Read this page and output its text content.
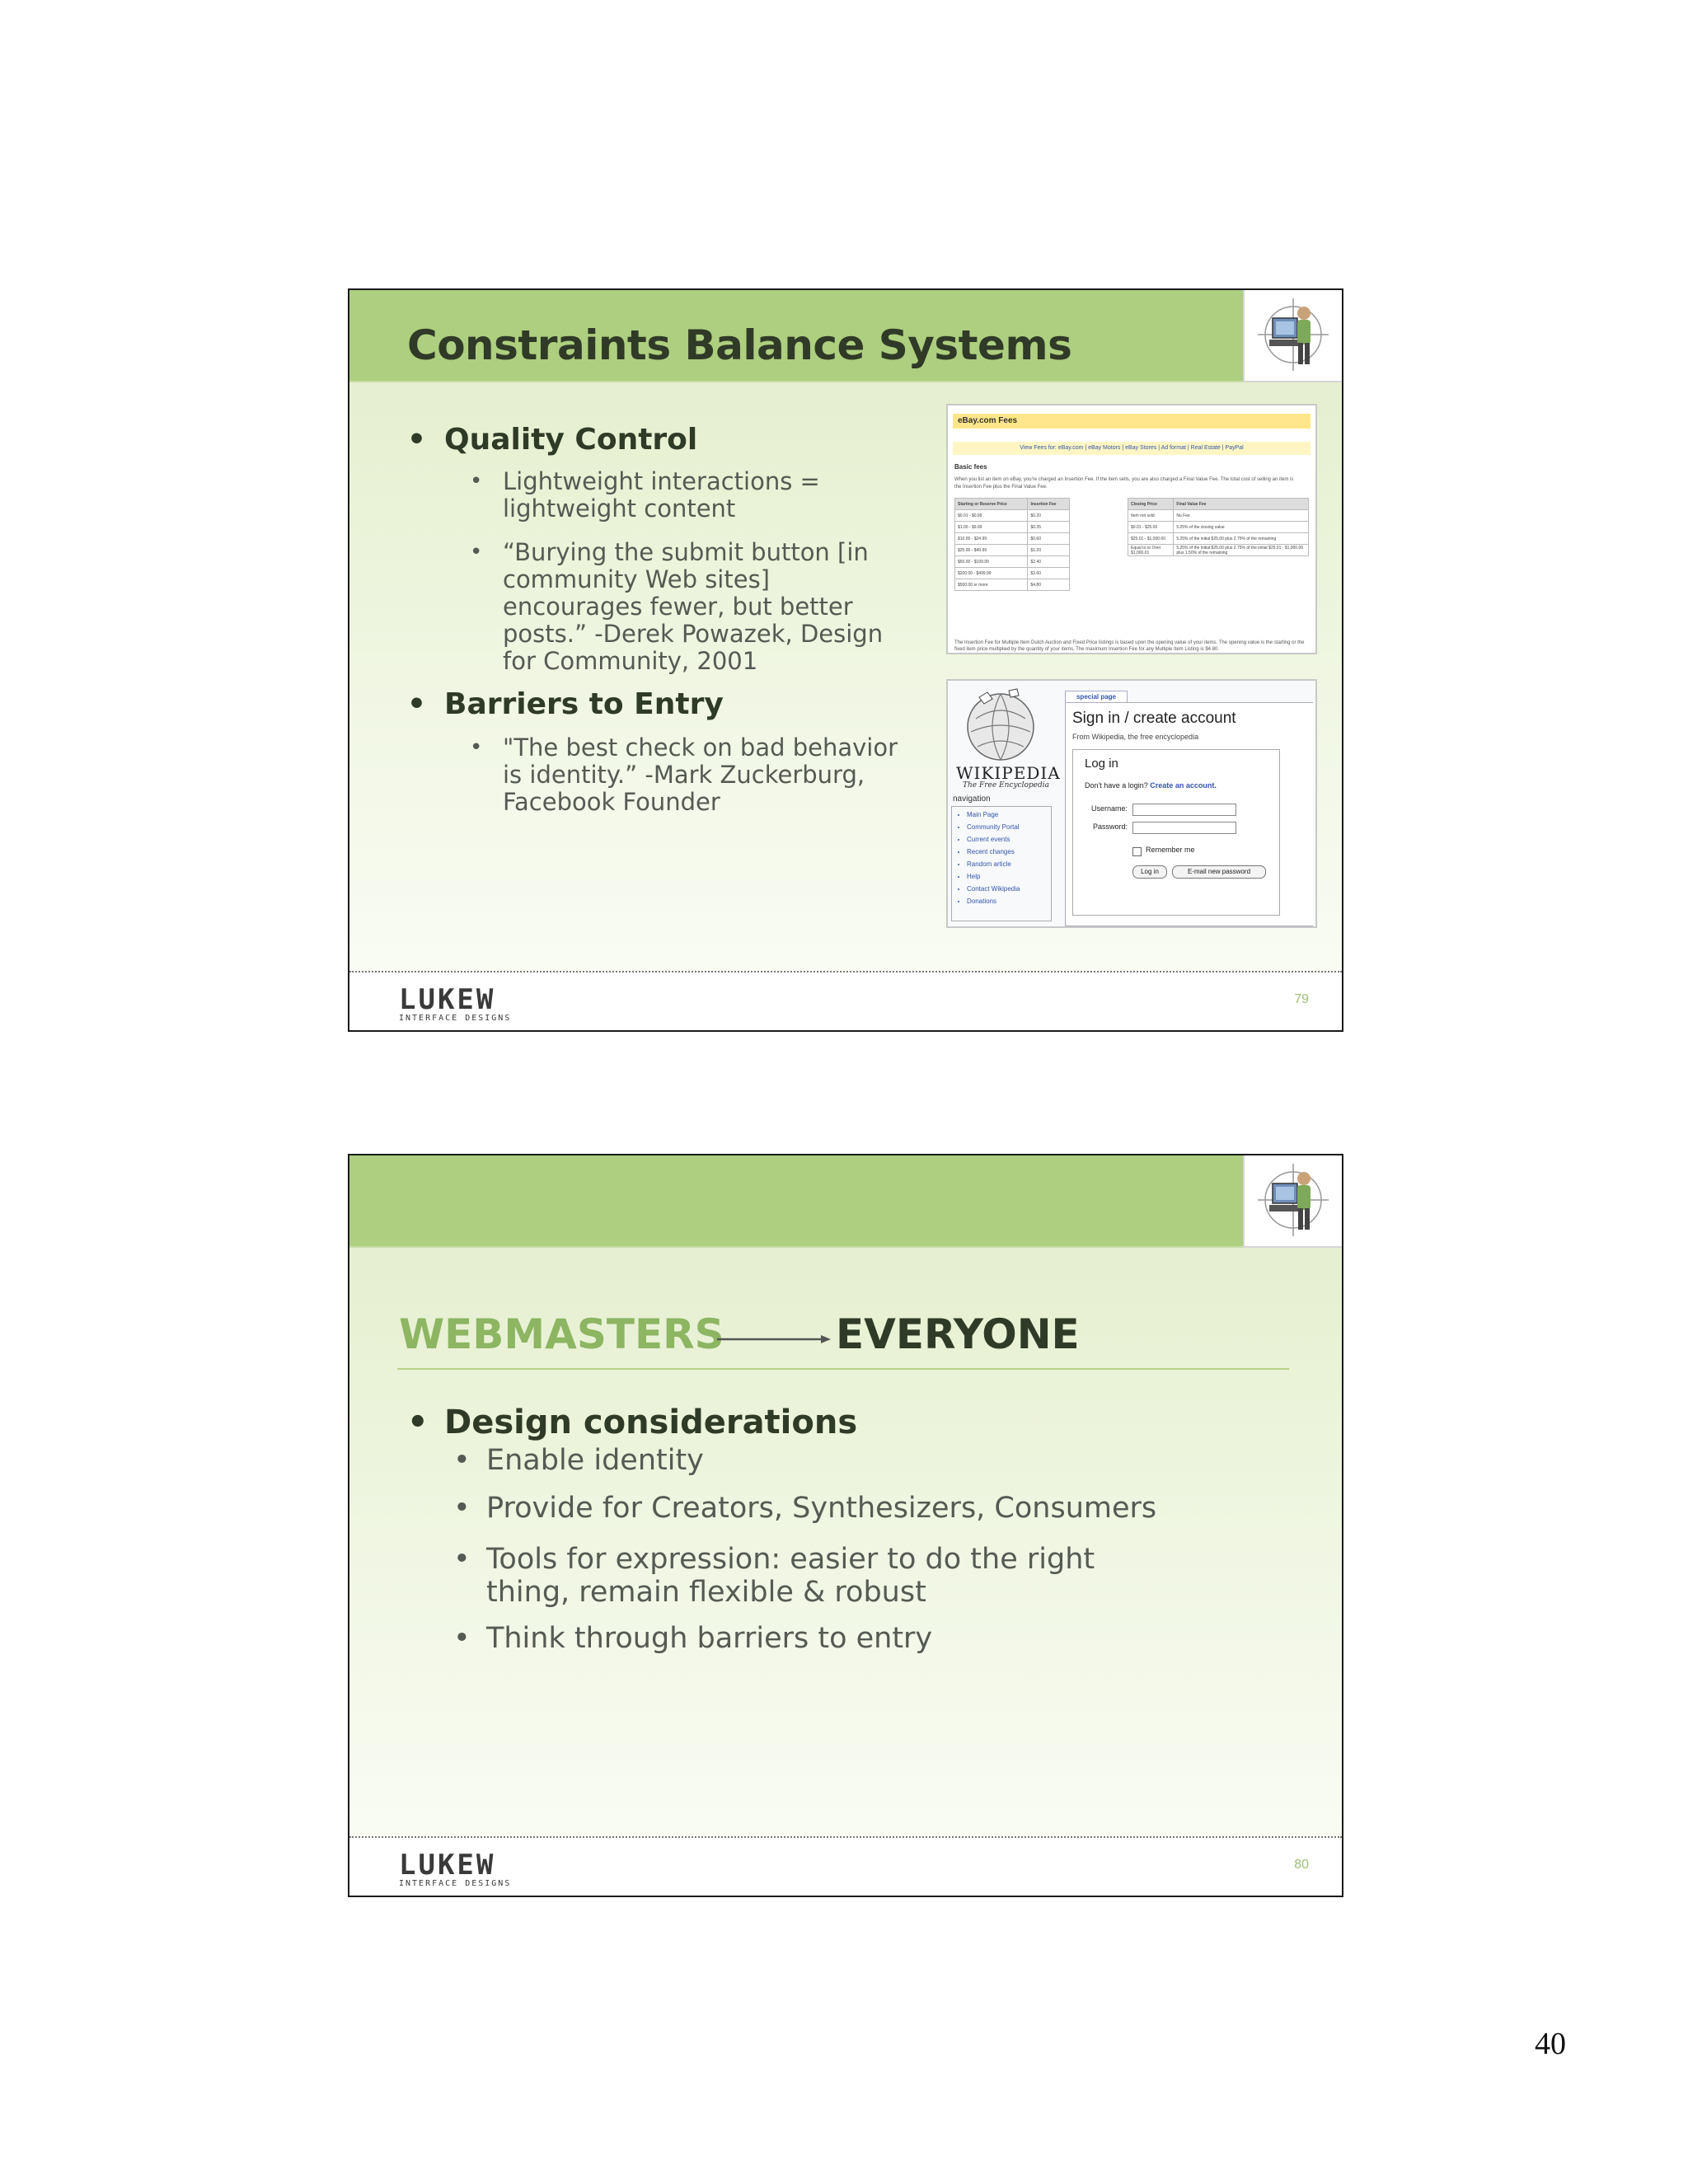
Constraints Balance Systems
• Quality Control
• Lightweight interactions =
lightweight content
• “Burying the submit button [in
community Web sites]
encourages fewer, but better
posts.” -Derek Powazek, Design
for Community, 2001
• Barriers to Entry
• "The best check on bad behavior
is identity.” -Mark Zuckerburg,
Facebook Founder
eBay.com Fees
View Fees for: eBay.com | eBay Motors | eBay Stores | Ad format | Real Estate | PayPal
Basic fees
When you list an item on eBay, you're charged an Insertion Fee. If the item sells, you are also charged a Final Value Fee. The total cost of selling an item is the Insertion Fee plus the Final Value Fee.
Starting or Reserve Price	Insertion Fee
$0.01 - $0.99	$0.20
$1.00 - $9.99	$0.35
$10.00 - $24.99	$0.60
$25.00 - $49.99	$1.20
$50.00 - $199.99	$2.40
$200.00 - $499.99	$3.60
$500.00 or more	$4.80
Closing Price	Final Value Fee
Item not sold	No Fee
$0.01 - $25.00	5.25% of the closing value
$25.01 - $1,000.00	5.25% of the initial $25.00 plus 2.75% of the remaining
Equal to or Over $1,000.01	5.25% of the initial $25.00 plus 2.75% of the initial $25.01 - $1,000.00 plus 1.50% of the remaining
The Insertion Fee for Multiple Item Dutch Auction and Fixed Price listings is based upon the opening value of your items. The opening value is the starting or the fixed item price multiplied by the quantity of your items. The maximum Insertion Fee for any Multiple Item Listing is $4.80.
WIKIPEDIA
The Free Encyclopedia
navigation
• Main Page
• Community Portal
• Current events
• Recent changes
• Random article
• Help
• Contact Wikipedia
• Donations
special page
Sign in / create account
From Wikipedia, the free encyclopedia
Log in
Don't have a login? Create an account.
Username:
Password:
Remember me
Log in	E-mail new password
LUKEW
INTERFACE DESIGNS
79
WEBMASTERS	EVERYONE
• Design considerations
• Enable identity
• Provide for Creators, Synthesizers, Consumers
• Tools for expression: easier to do the right
thing, remain flexible & robust
• Think through barriers to entry
LUKEW
INTERFACE DESIGNS
80
40
